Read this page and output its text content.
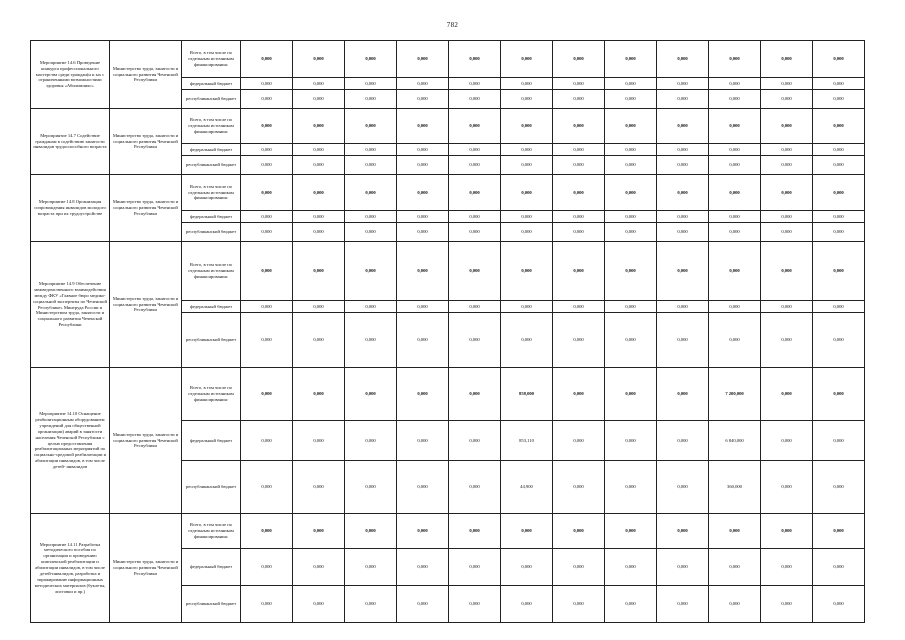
782
Мероприятие 14.6 Проведение конкурса профессионального мастерства среди граждан(н и ых с ограниченными возможностями здоровья «Абилимпикс»	Министерство труда, занятости и социального развития Чеченской Республики	Всего, в том числе по отдельным источникам финансирования:	0,000	0,000	0,000	0,000	0,000	0,000	0,000	0,000	0,000	0,000	0,000	0,000
		федеральный бюджет	0,000	0,000	0,000	0,000	0,000	0,000	0,000	0,000	0,000	0,000	0,000	0,000
		республиканский бюджет	0,000	0,000	0,000	0,000	0,000	0,000	0,000	0,000	0,000	0,000	0,000	0,000
Мероприятие 14.7 Содействие гражданам в содействию занятости инвалидов трудоспособного возраста	Министерство труда, занятости и социального развития Чеченской Республики	Всего, в том числе по отдельным источникам финансирования:	0,000	0,000	0,000	0,000	0,000	0,000	0,000	0,000	0,000	0,000	0,000	0,000
		федеральный бюджет	0,000	0,000	0,000	0,000	0,000	0,000	0,000	0,000	0,000	0,000	0,000	0,000
		республиканский бюджет	0,000	0,000	0,000	0,000	0,000	0,000	0,000	0,000	0,000	0,000	0,000	0,000
Мероприятие 14.8 Организация сопровождения инвалидов молодого возраста при их трудоустройстве	Министерство труда, занятости и социального развития Чеченской Республики	Всего, в том числе по отдельным источникам финансирования:	0,000	0,000	0,000	0,000	0,000	0,000	0,000	0,000	0,000	0,000	0,000	0,000
		федеральный бюджет	0,000	0,000	0,000	0,000	0,000	0,000	0,000	0,000	0,000	0,000	0,000	0,000
		республиканский бюджет	0,000	0,000	0,000	0,000	0,000	0,000	0,000	0,000	0,000	0,000	0,000	0,000
Мероприятие 14.9 Обеспечение межведомственного взаимодействия между ФКУ «Главное бюро медико-социальной экспертизы по Чеченской Республике» Минтруда России и Министерством труда, занятости и социального развития Чеченской Республики	Министерство труда, занятости и социального развития Чеченской Республики	Всего, в том числе по отдельным источникам финансирования:	0,000	0,000	0,000	0,000	0,000	0,000	0,000	0,000	0,000	0,000	0,000	0,000
		федеральный бюджет	0,000	0,000	0,000	0,000	0,000	0,000	0,000	0,000	0,000	0,000	0,000	0,000
		республиканский бюджет	0,000	0,000	0,000	0,000	0,000	0,000	0,000	0,000	0,000	0,000	0,000	0,000
Мероприятие 14.10 Оснащение реабилитационным оборудованием учреждений для общественной организации) аварий в занятости населения Чеченской Республики с целью предоставления реабилитационных мероприятий по социально-средовой реабилитации и абилитации инвалидов, в том числе детей- инвалидов	Министерство труда, занятости и социального развития Чеченской Республики	Всего, в том числе по отдельным источникам финансирования:	0,000	0,000	0,000	0,000	0,000	858,000	0,000	0,000	0,000	7 200,000	0,000	0,000
		федеральный бюджет	0,000	0,000	0,000	0,000	0,000	853,110	0,000	0,000	0,000	6 840,000	0,000	0,000
		республиканский бюджет	0,000	0,000	0,000	0,000	0,000	44,900	0,000	0,000	0,000	360,000	0,000	0,000
Мероприятие 14.11 Разработка методического пособия по организации и проведению комплексной реабилитации и абилитации инвалидов, в том числе детей-инвалидов, разработка и тиражирование информационных методических материалов (буклеты, листовки и пр.)	Министерство труда, занятости и социального развития Чеченской Республики	Всего, в том числе по отдельным источникам финансирования:	0,000	0,000	0,000	0,000	0,000	0,000	0,000	0,000	0,000	0,000	0,000	0,000
		федеральный бюджет	0,000	0,000	0,000	0,000	0,000	0,000	0,000	0,000	0,000	0,000	0,000	0,000
		республиканский бюджет	0,000	0,000	0,000	0,000	0,000	0,000	0,000	0,000	0,000	0,000	0,000	0,000
